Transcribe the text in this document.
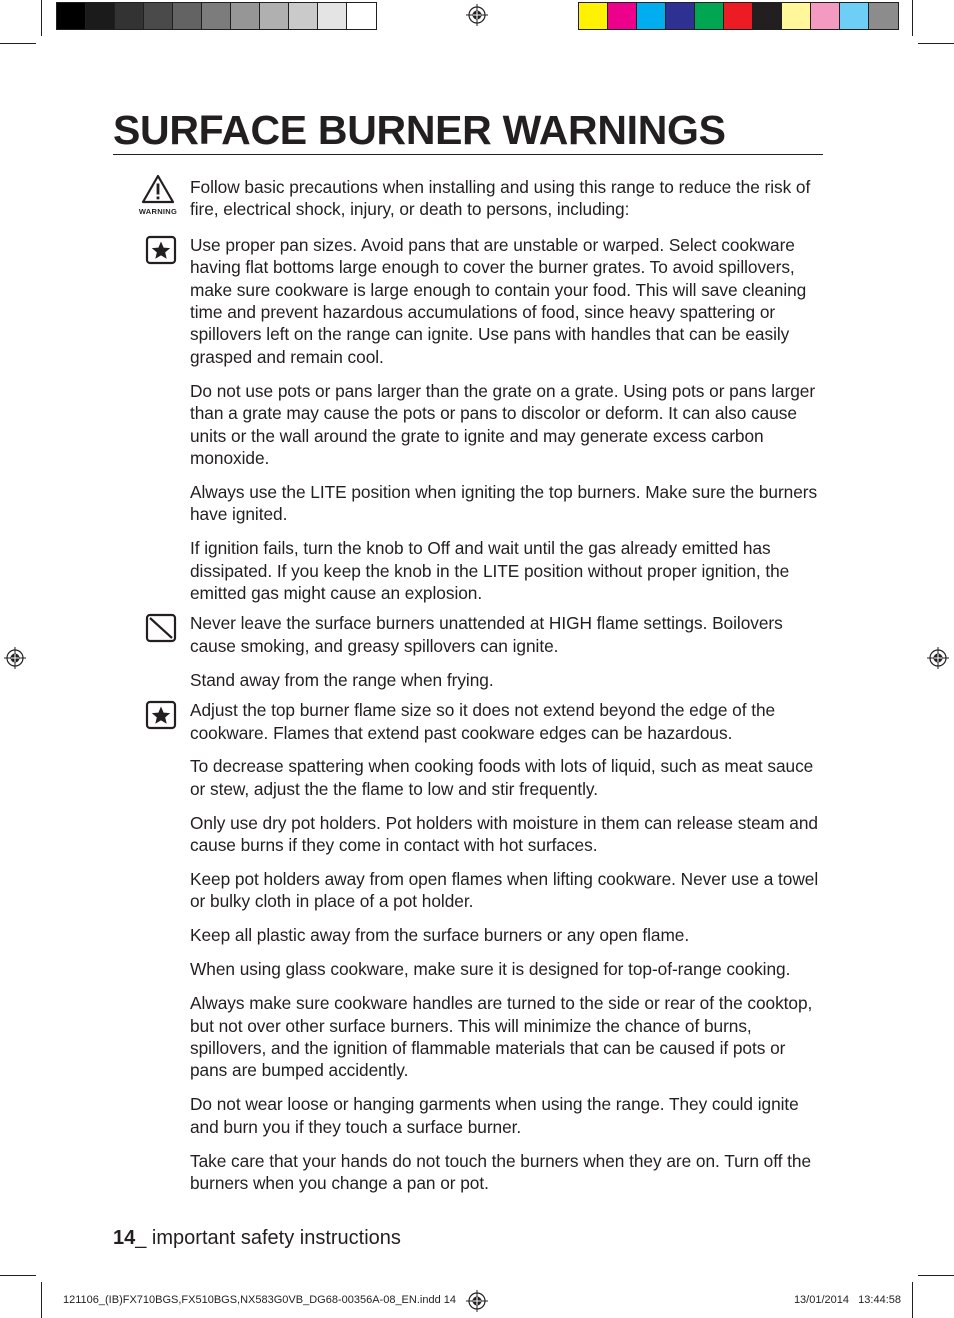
SURFACE BURNER WARNINGS
WARNING

Follow basic precautions when installing and using this range to reduce the risk of fire, electrical shock, injury, or death to persons, including:

Use proper pan sizes. Avoid pans that are unstable or warped. Select cookware having flat bottoms large enough to cover the burner grates. To avoid spillovers, make sure cookware is large enough to contain your food. This will save cleaning time and prevent hazardous accumulations of food, since heavy spattering or spillovers left on the range can ignite. Use pans with handles that can be easily grasped and remain cool.

Do not use pots or pans larger than the grate on a grate. Using pots or pans larger than a grate may cause the pots or pans to discolor or deform. It can also cause units or the wall around the grate to ignite and may generate excess carbon monoxide.

Always use the LITE position when igniting the top burners. Make sure the burners have ignited.

If ignition fails, turn the knob to Off and wait until the gas already emitted has dissipated. If you keep the knob in the LITE position without proper ignition, the emitted gas might cause an explosion.

Never leave the surface burners unattended at HIGH flame settings. Boilovers cause smoking, and greasy spillovers can ignite.

Stand away from the range when frying.

Adjust the top burner flame size so it does not extend beyond the edge of the cookware. Flames that extend past cookware edges can be hazardous.

To decrease spattering when cooking foods with lots of liquid, such as meat sauce or stew, adjust the the flame to low and stir frequently.

Only use dry pot holders. Pot holders with moisture in them can release steam and cause burns if they come in contact with hot surfaces.

Keep pot holders away from open flames when lifting cookware. Never use a towel or bulky cloth in place of a pot holder.

Keep all plastic away from the surface burners or any open flame.

When using glass cookware, make sure it is designed for top-of-range cooking.

Always make sure cookware handles are turned to the side or rear of the cooktop, but not over other surface burners. This will minimize the chance of burns, spillovers, and the ignition of flammable materials that can be caused if pots or pans are bumped accidently.

Do not wear loose or hanging garments when using the range. They could ignite and burn you if they touch a surface burner.

Take care that your hands do not touch the burners when they are on. Turn off the burners when you change a pan or pot.

14_ important safety instructions
121106_(IB)FX710BGS,FX510BGS,NX583G0VB_DG68-00356A-08_EN.indd 14	13/01/2014 13:44:58
